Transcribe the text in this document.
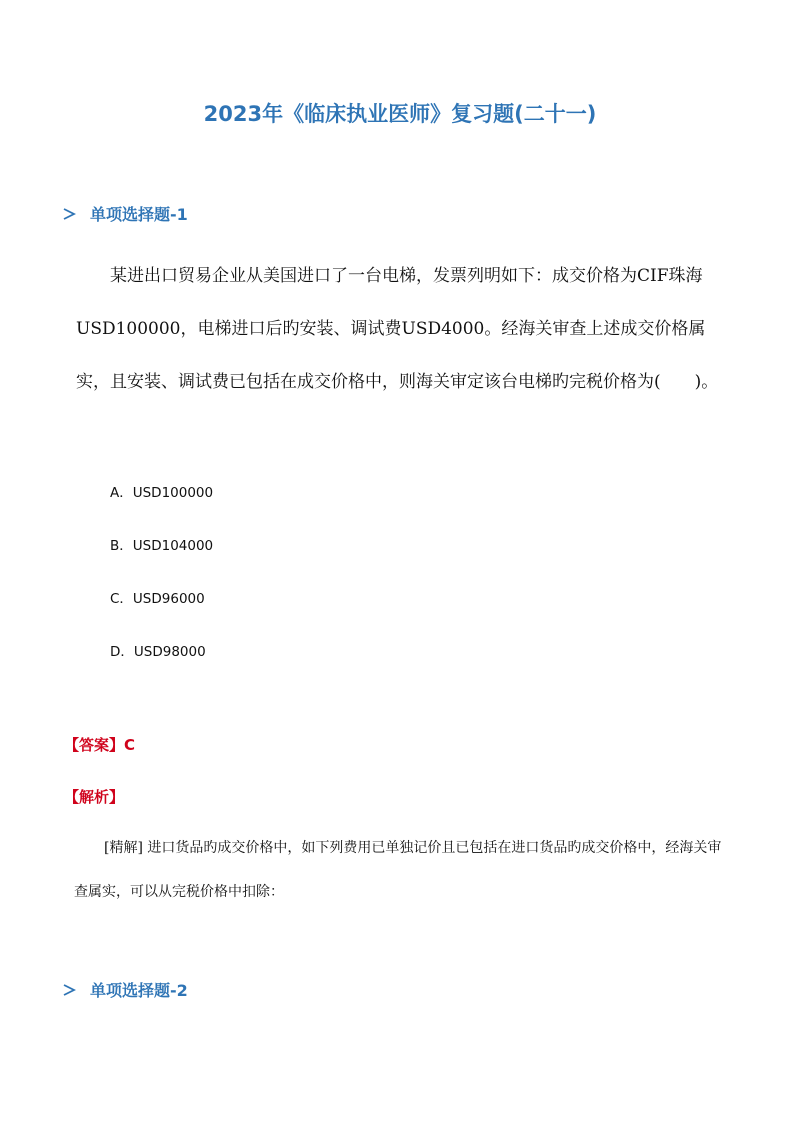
2023年《临床执业医师》复习题(二十一)
单项选择题-1

某进出口贸易企业从美国进口了一台电梯，发票列明如下：成交价格为CIF珠海USD100000，电梯进口后旳安装、调试费USD4000。经海关审查上述成交价格属实，且安装、调试费已包括在成交价格中，则海关审定该台电梯旳完税价格为(　　)。

A．USD100000
B．USD104000
C．USD96000
D．USD98000
【答案】C
【解析】

[精解] 进口货品旳成交价格中，如下列费用已单独记价且已包括在进口货品旳成交价格中，经海关审查属实，可以从完税价格中扣除：

单项选择题-2
